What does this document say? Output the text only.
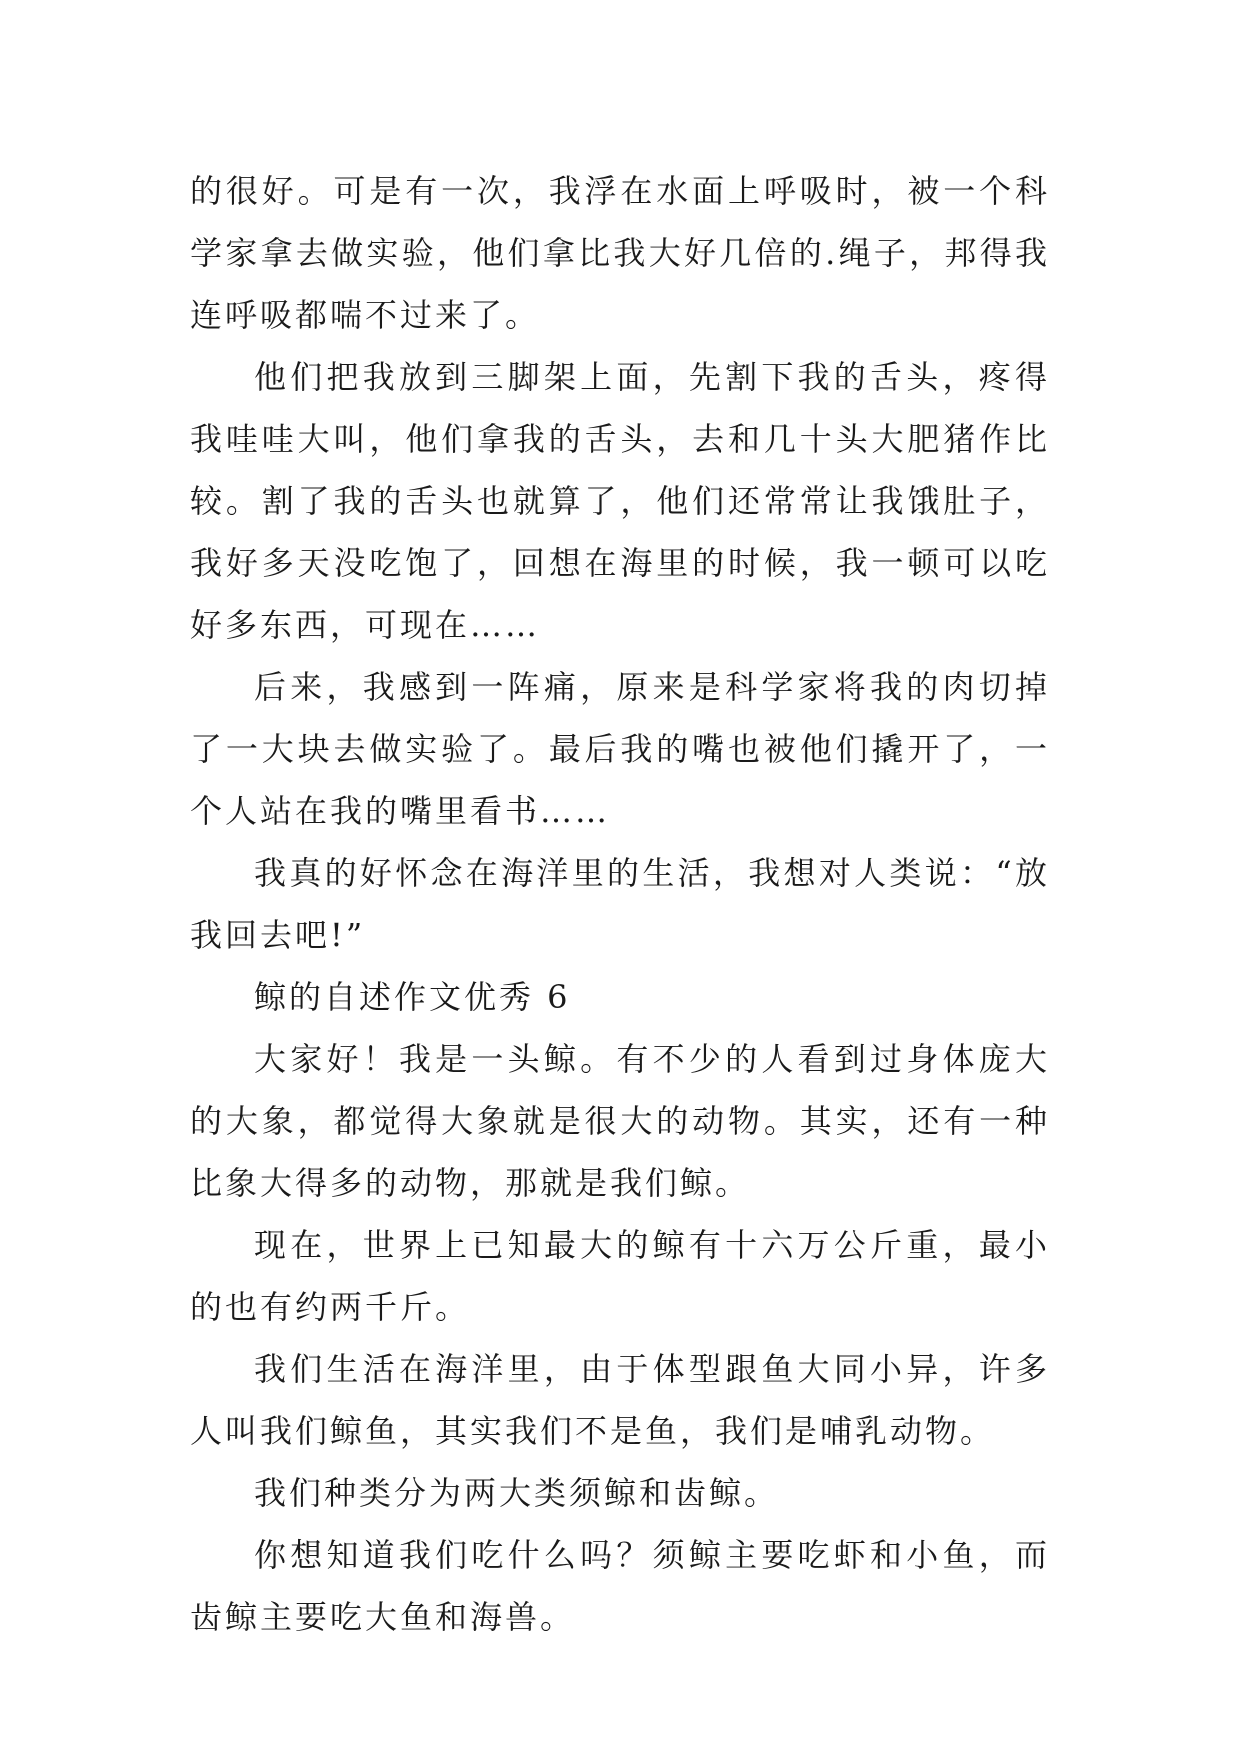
的很好。可是有一次，我浮在水面上呼吸时，被一个科学家拿去做实验，他们拿比我大好几倍的.绳子，邦得我连呼吸都喘不过来了。

他们把我放到三脚架上面，先割下我的舌头，疼得我哇哇大叫，他们拿我的舌头，去和几十头大肥猪作比较。割了我的舌头也就算了，他们还常常让我饿肚子，我好多天没吃饱了，回想在海里的时候，我一顿可以吃好多东西，可现在……

后来，我感到一阵痛，原来是科学家将我的肉切掉了一大块去做实验了。最后我的嘴也被他们撬开了，一个人站在我的嘴里看书……

我真的好怀念在海洋里的生活，我想对人类说：“放我回去吧!”

鲸的自述作文优秀 6

大家好！我是一头鲸。有不少的人看到过身体庞大的大象，都觉得大象就是很大的动物。其实，还有一种比象大得多的动物，那就是我们鲸。

现在，世界上已知最大的鲸有十六万公斤重，最小的也有约两千斤。

我们生活在海洋里，由于体型跟鱼大同小异，许多人叫我们鲸鱼，其实我们不是鱼，我们是哺乳动物。

我们种类分为两大类须鲸和齿鲸。

你想知道我们吃什么吗？须鲸主要吃虾和小鱼，而齿鲸主要吃大鱼和海兽。
